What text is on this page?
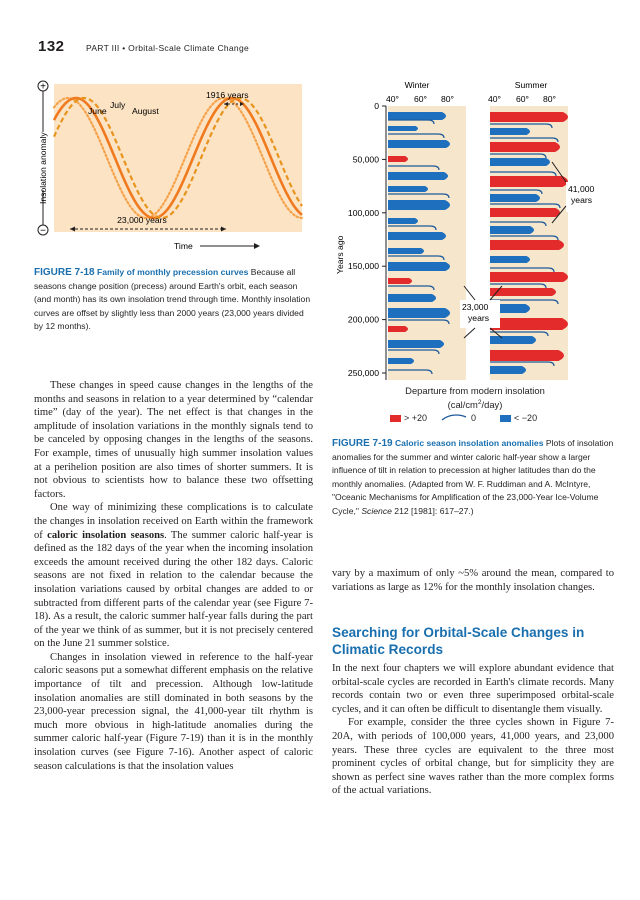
132	PART III • Orbital-Scale Climate Change
+
−
Insolation anomaly
June
July
August
1916 years
23,000 years
Time
FIGURE 7-18 Family of monthly precession curves Because all seasons change position (precess) around Earth's orbit, each season (and month) has its own insolation trend through time. Monthly insolation curves are offset by slightly less than 2000 years (23,000 years divided by 12 months).
Winter	Summer
40° 60° 80°	40° 60° 80°
0
50,000
100,000
150,000
200,000
250,000
Years ago
41,000
years
23,000
years
Departure from modern insolation
$(cal/cm^2/day)$
> +20	0	< −20
FIGURE 7-19 Caloric season insolation anomalies Plots of insolation anomalies for the summer and winter caloric half-year show a larger influence of tilt in relation to precession at higher latitudes than do the monthly anomalies. (Adapted from W. F. Ruddiman and A. McIntyre, "Oceanic Mechanisms for Amplification of the 23,000-Year Ice-Volume Cycle," Science 212 [1981]: 617–27.)

These changes in speed cause changes in the lengths of the months and seasons in relation to a year determined by “calendar time” (day of the year). The net effect is that changes in the amplitude of insolation variations in the monthly signals tend to be canceled by opposing changes in the lengths of the seasons. For example, times of unusually high summer insolation values at a perihelion position are also times of shorter summers. It is not obvious to scientists how to balance these two offsetting factors.

One way of minimizing these complications is to calculate the changes in insolation received on Earth within the framework of caloric insolation seasons. The summer caloric half-year is defined as the 182 days of the year when the incoming insolation exceeds the amount received during the other 182 days. Caloric seasons are not fixed in relation to the calendar because the insolation variations caused by orbital changes are added to or subtracted from different parts of the calendar year (see Figure 7-18). As a result, the caloric summer half-year falls during the part of the year we think of as summer, but it is not precisely centered on the June 21 summer solstice.

Changes in insolation viewed in reference to the half-year caloric seasons put a somewhat different emphasis on the relative importance of tilt and precession. Although low-latitude insolation anomalies are still dominated in both seasons by the 23,000-year precession signal, the 41,000-year tilt rhythm is much more obvious in high-latitude anomalies during the summer caloric half-year (Figure 7-19) than it is in the monthly insolation curves (see Figure 7-16). Another aspect of caloric season calculations is that the insolation values

vary by a maximum of only ~5% around the mean, compared to variations as large as 12% for the monthly insolation changes.

Searching for Orbital-Scale Changes in Climatic Records

In the next four chapters we will explore abundant evidence that orbital-scale cycles are recorded in Earth's climate records. Many records contain two or even three superimposed orbital-scale cycles, and it can often be difficult to disentangle them visually.

For example, consider the three cycles shown in Figure 7-20A, with periods of 100,000 years, 41,000 years, and 23,000 years. These three cycles are equivalent to the three most prominent cycles of orbital change, but for simplicity they are shown as perfect sine waves rather than the more complex forms of the actual variations.
